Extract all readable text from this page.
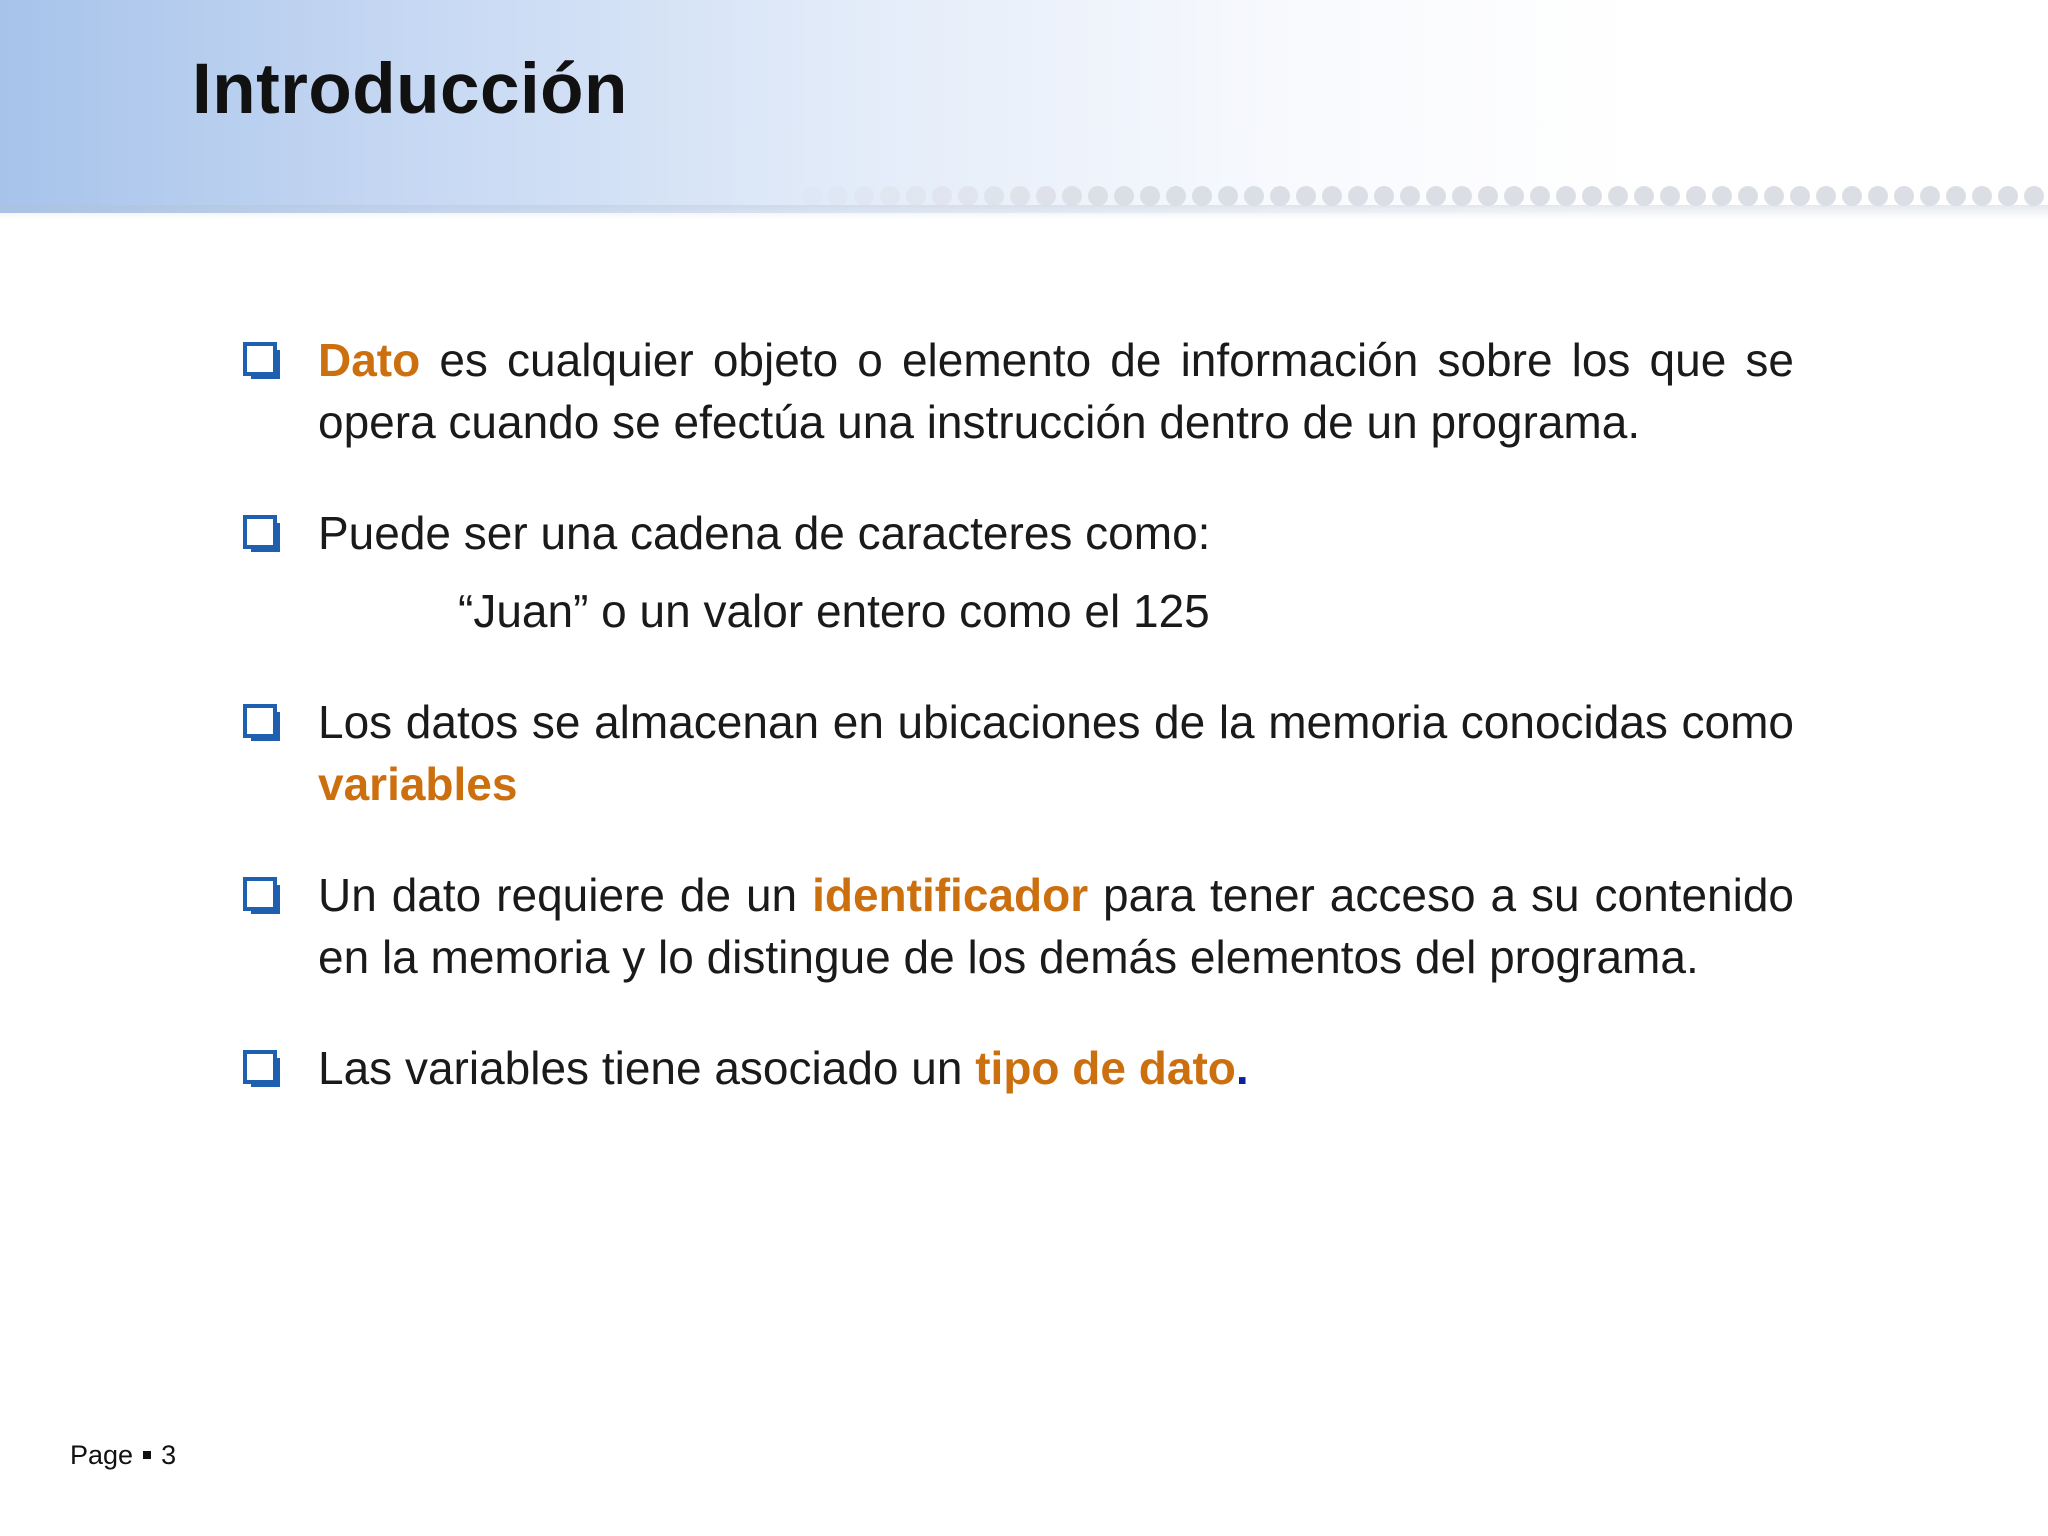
Introducción
Dato es cualquier objeto o elemento de información sobre los que se opera cuando se efectúa una instrucción dentro de un programa.
Puede ser una cadena de caracteres como:
“Juan” o un valor entero como el 125
Los datos se almacenan en ubicaciones de la memoria conocidas como variables
Un dato requiere de un identificador para tener acceso a su contenido en la memoria y lo distingue de los demás elementos del programa.
Las variables tiene asociado un tipo de dato.
Page 3
